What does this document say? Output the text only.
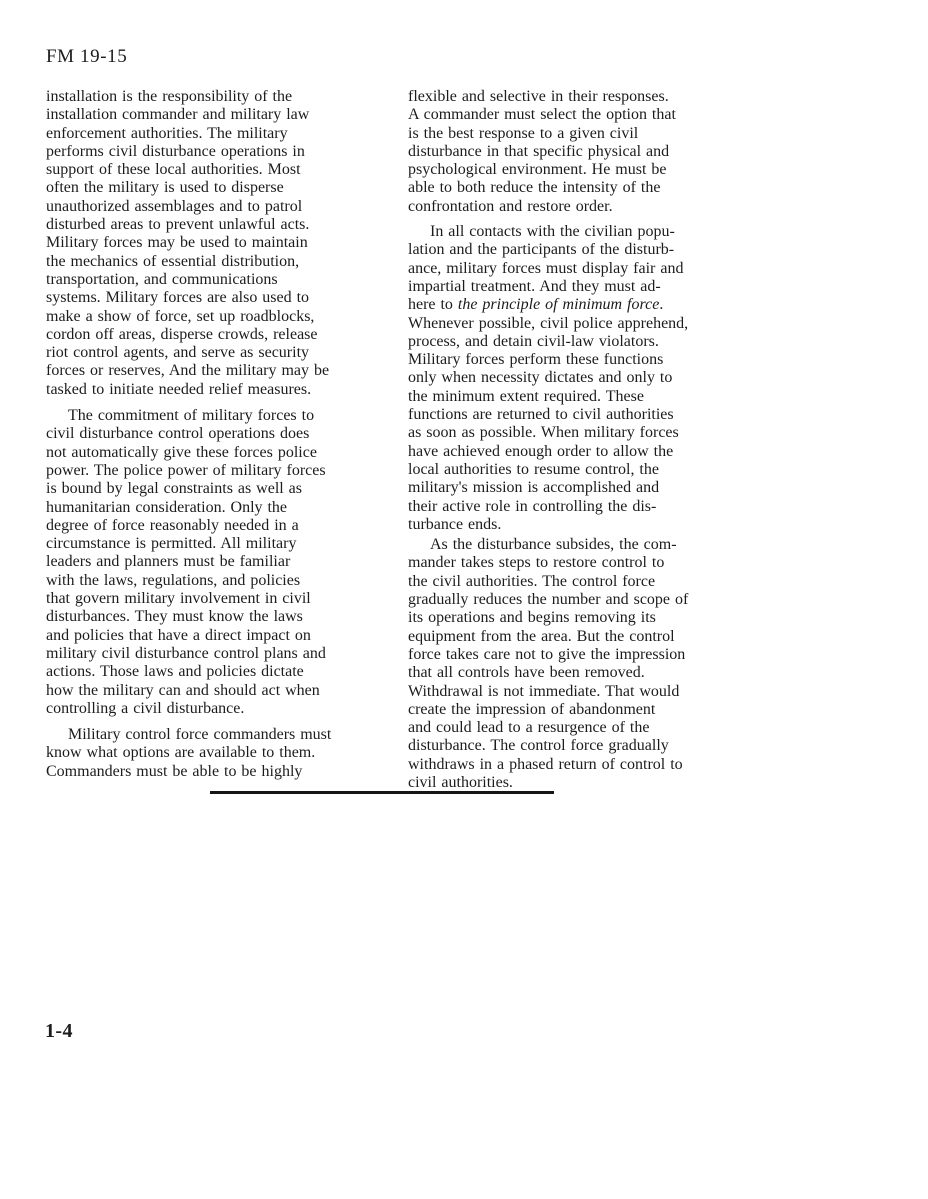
FM 19-15
installation is the responsibility of the
installation commander and military law
enforcement authorities. The military
performs civil disturbance operations in
support of these local authorities. Most
often the military is used to disperse
unauthorized assemblages and to patrol
disturbed areas to prevent unlawful acts.
Military forces may be used to maintain
the mechanics of essential distribution,
transportation, and communications
systems. Military forces are also used to
make a show of force, set up roadblocks,
cordon off areas, disperse crowds, release
riot control agents, and serve as security
forces or reserves, And the military may be
tasked to initiate needed relief measures.
The commitment of military forces to
civil disturbance control operations does
not automatically give these forces police
power. The police power of military forces
is bound by legal constraints as well as
humanitarian consideration. Only the
degree of force reasonably needed in a
circumstance is permitted. All military
leaders and planners must be familiar
with the laws, regulations, and policies
that govern military involvement in civil
disturbances. They must know the laws
and policies that have a direct impact on
military civil disturbance control plans and
actions. Those laws and policies dictate
how the military can and should act when
controlling a civil disturbance.
Military control force commanders must
know what options are available to them.
Commanders must be able to be highly
flexible and selective in their responses.
A commander must select the option that
is the best response to a given civil
disturbance in that specific physical and
psychological environment. He must be
able to both reduce the intensity of the
confrontation and restore order.
In all contacts with the civilian popu-
lation and the participants of the disturb-
ance, military forces must display fair and
impartial treatment. And they must ad-
here to the principle of minimum force.
Whenever possible, civil police apprehend,
process, and detain civil-law violators.
Military forces perform these functions
only when necessity dictates and only to
the minimum extent required. These
functions are returned to civil authorities
as soon as possible. When military forces
have achieved enough order to allow the
local authorities to resume control, the
military's mission is accomplished and
their active role in controlling the dis-
turbance ends.
As the disturbance subsides, the com-
mander takes steps to restore control to
the civil authorities. The control force
gradually reduces the number and scope of
its operations and begins removing its
equipment from the area. But the control
force takes care not to give the impression
that all controls have been removed.
Withdrawal is not immediate. That would
create the impression of abandonment
and could lead to a resurgence of the
disturbance. The control force gradually
withdraws in a phased return of control to
civil authorities.
1-4
